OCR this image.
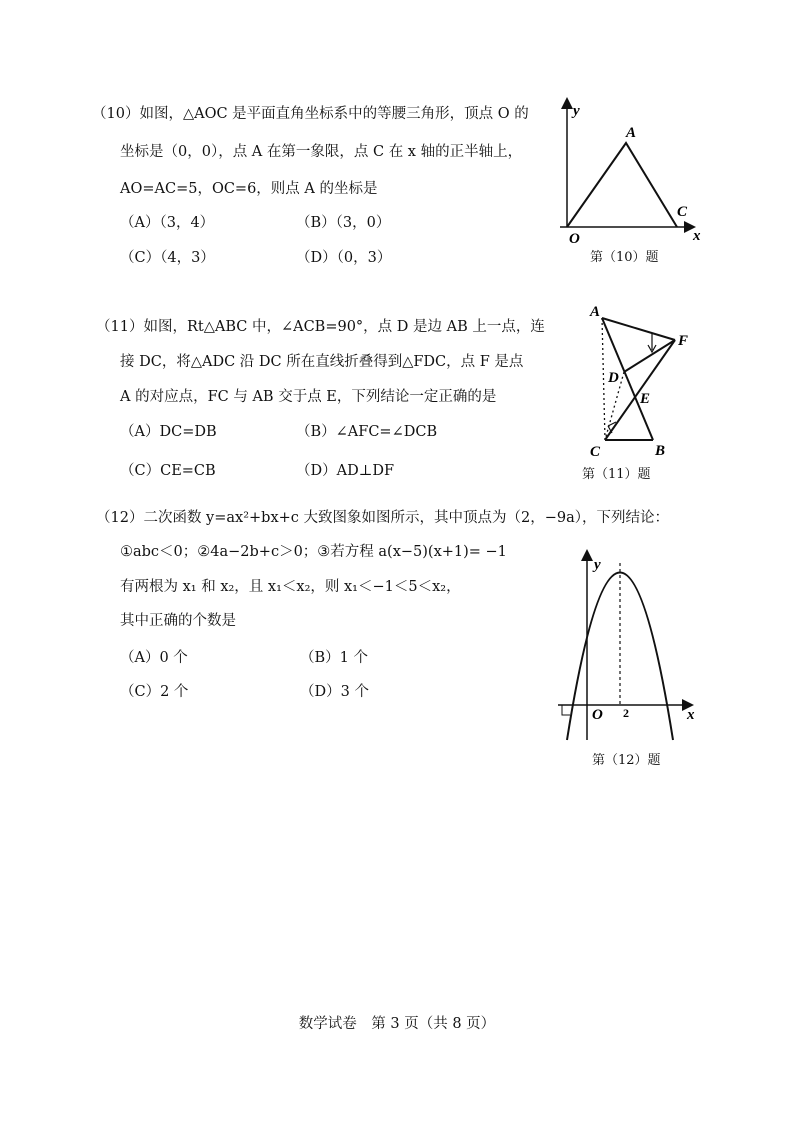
（10）如图，△AOC 是平面直角坐标系中的等腰三角形，顶点 O 的
坐标是（0，0），点 A 在第一象限，点 C 在 x 轴的正半轴上，
AO=AC=5，OC=6，则点 A 的坐标是
（A）（3，4）	（B）（3，0）
（C）（4，3）	（D）（0，3）
y
A
C
O	x
第（10）题
（11）如图，Rt△ABC 中，∠ACB=90°，点 D 是边 AB 上一点，连
接 DC，将△ADC 沿 DC 所在直线折叠得到△FDC，点 F 是点
A 的对应点，FC 与 AB 交于点 E，下列结论一定正确的是
（A）DC=DB	（B）∠AFC=∠DCB
（C）CE=CB	（D）AD⊥DF
A
F
D
E
C	B
第（11）题
（12）二次函数 y=ax²+bx+c 大致图象如图所示，其中顶点为（2，−9a），下列结论：
①abc＜0；②4a−2b+c＞0；③若方程 a(x−5)(x+1)= −1
有两根为 x₁ 和 x₂，且 x₁＜x₂，则 x₁＜−1＜5＜x₂，
其中正确的个数是
（A）0 个	（B）1 个
（C）2 个	（D）3 个
y
O 2	x
第（12）题
数学试卷　第 3 页（共 8 页）
